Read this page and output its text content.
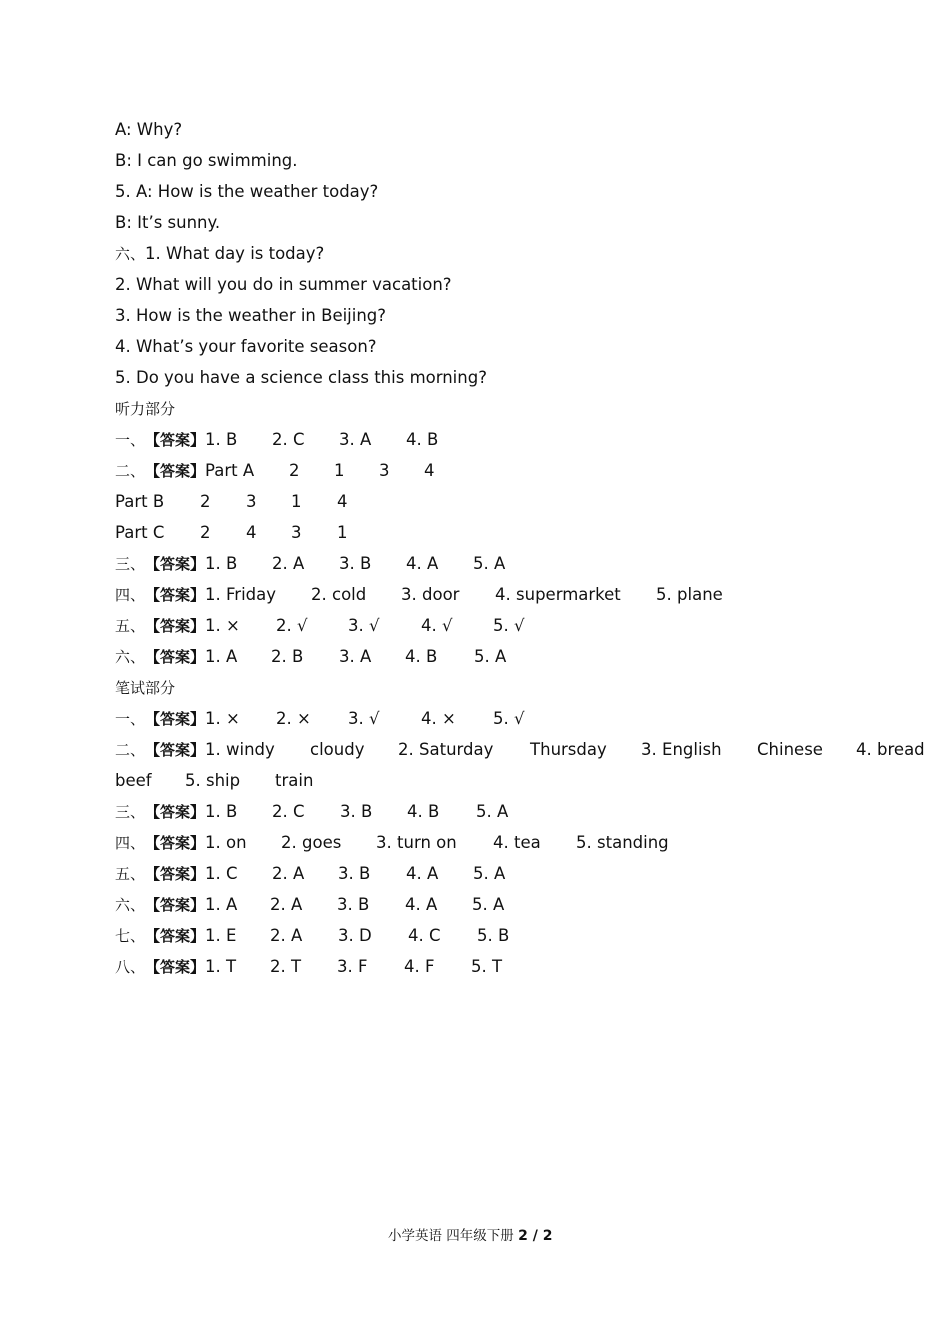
A: Why?
B: I can go swimming.
5. A: How is the weather today?
B: It’s sunny.
六、1. What day is today?
2. What will you do in summer vacation?
3. How is the weather in Beijing?
4. What’s your favorite season?
5. Do you have a science class this morning?
听力部分
一、【答案】1. B 2. C 3. A 4. B
二、【答案】Part A 2 1 3 4
Part B 2 3 1 4
Part C 2 4 3 1
三、【答案】1. B 2. A 3. B 4. A 5. A
四、【答案】1. Friday 2. cold 3. door 4. supermarket 5. plane
五、【答案】1. × 2. √ 3. √	4. √ 5. √
六、【答案】1. A 2. B 3. A 4. B 5. A
笔试部分
一、【答案】1. × 2. × 3. √	4. × 5. √
二、【答案】1. windy cloudy 2. Saturday Thursday 3. English Chinese 4. bread
beef 5. ship train
三、【答案】1. B 2. C 3. B 4. B 5. A
四、【答案】1. on 2. goes 3. turn on 4. tea 5. standing
五、【答案】1. C 2. A 3. B 4. A 5. A
六、【答案】1. A 2. A 3. B 4. A 5. A
七、【答案】1. E 2. A 3. D 4. C 5. B
八、【答案】1. T 2. T 3. F 4. F 5. T
小学英语 四年级下册 2 / 2
